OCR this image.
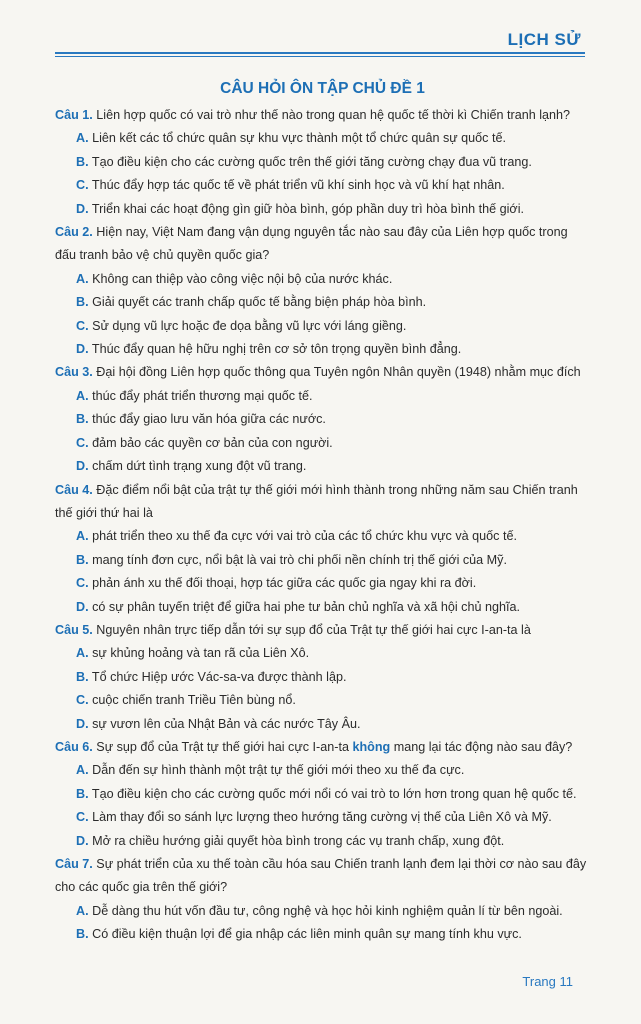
LỊCH SỬ
CÂU HỎI ÔN TẬP CHỦ ĐỀ 1
Câu 1. Liên hợp quốc có vai trò như thế nào trong quan hệ quốc tế thời kì Chiến tranh lạnh?
A. Liên kết các tổ chức quân sự khu vực thành một tổ chức quân sự quốc tế.
B. Tạo điều kiện cho các cường quốc trên thế giới tăng cường chạy đua vũ trang.
C. Thúc đẩy hợp tác quốc tế về phát triển vũ khí sinh học và vũ khí hạt nhân.
D. Triển khai các hoạt động gìn giữ hòa bình, góp phần duy trì hòa bình thế giới.
Câu 2. Hiện nay, Việt Nam đang vận dụng nguyên tắc nào sau đây của Liên hợp quốc trong đấu tranh bảo vệ chủ quyền quốc gia?
A. Không can thiệp vào công việc nội bộ của nước khác.
B. Giải quyết các tranh chấp quốc tế bằng biện pháp hòa bình.
C. Sử dụng vũ lực hoặc đe dọa bằng vũ lực với láng giềng.
D. Thúc đẩy quan hệ hữu nghị trên cơ sở tôn trọng quyền bình đẳng.
Câu 3. Đại hội đồng Liên hợp quốc thông qua Tuyên ngôn Nhân quyền (1948) nhằm mục đích
A. thúc đẩy phát triển thương mại quốc tế.
B. thúc đẩy giao lưu văn hóa giữa các nước.
C. đảm bảo các quyền cơ bản của con người.
D. chấm dứt tình trạng xung đột vũ trang.
Câu 4. Đặc điểm nổi bật của trật tự thế giới mới hình thành trong những năm sau Chiến tranh thế giới thứ hai là
A. phát triển theo xu thế đa cực với vai trò của các tổ chức khu vực và quốc tế.
B. mang tính đơn cực, nổi bật là vai trò chi phối nền chính trị thế giới của Mỹ.
C. phản ánh xu thế đối thoại, hợp tác giữa các quốc gia ngay khi ra đời.
D. có sự phân tuyến triệt để giữa hai phe tư bản chủ nghĩa và xã hội chủ nghĩa.
Câu 5. Nguyên nhân trực tiếp dẫn tới sự sụp đổ của Trật tự thế giới hai cực I-an-ta là
A. sự khủng hoảng và tan rã của Liên Xô.
B. Tổ chức Hiệp ước Vác-sa-va được thành lập.
C. cuộc chiến tranh Triều Tiên bùng nổ.
D. sự vươn lên của Nhật Bản và các nước Tây Âu.
Câu 6. Sự sụp đổ của Trật tự thế giới hai cực I-an-ta không mang lại tác động nào sau đây?
A. Dẫn đến sự hình thành một trật tự thế giới mới theo xu thế đa cực.
B. Tạo điều kiện cho các cường quốc mới nổi có vai trò to lớn hơn trong quan hệ quốc tế.
C. Làm thay đổi so sánh lực lượng theo hướng tăng cường vị thế của Liên Xô và Mỹ.
D. Mở ra chiều hướng giải quyết hòa bình trong các vụ tranh chấp, xung đột.
Câu 7. Sự phát triển của xu thế toàn cầu hóa sau Chiến tranh lạnh đem lại thời cơ nào sau đây cho các quốc gia trên thế giới?
A. Dễ dàng thu hút vốn đầu tư, công nghệ và học hỏi kinh nghiệm quản lí từ bên ngoài.
B. Có điều kiện thuận lợi để gia nhập các liên minh quân sự mang tính khu vực.
Trang 11
